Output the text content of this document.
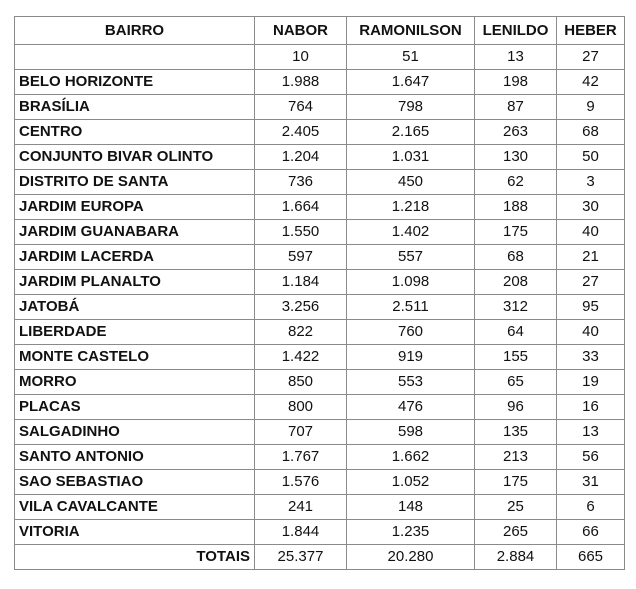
BAIRRO	NABOR	RAMONILSON	LENILDO	HEBER
	10	51	13	27
BELO HORIZONTE	1.988	1.647	198	42
BRASÍLIA	764	798	87	9
CENTRO	2.405	2.165	263	68
CONJUNTO BIVAR OLINTO	1.204	1.031	130	50
DISTRITO DE SANTA	736	450	62	3
JARDIM EUROPA	1.664	1.218	188	30
JARDIM GUANABARA	1.550	1.402	175	40
JARDIM LACERDA	597	557	68	21
JARDIM PLANALTO	1.184	1.098	208	27
JATOBÁ	3.256	2.511	312	95
LIBERDADE	822	760	64	40
MONTE CASTELO	1.422	919	155	33
MORRO	850	553	65	19
PLACAS	800	476	96	16
SALGADINHO	707	598	135	13
SANTO ANTONIO	1.767	1.662	213	56
SAO SEBASTIAO	1.576	1.052	175	31
VILA CAVALCANTE	241	148	25	6
VITORIA	1.844	1.235	265	66
TOTAIS	25.377	20.280	2.884	665
